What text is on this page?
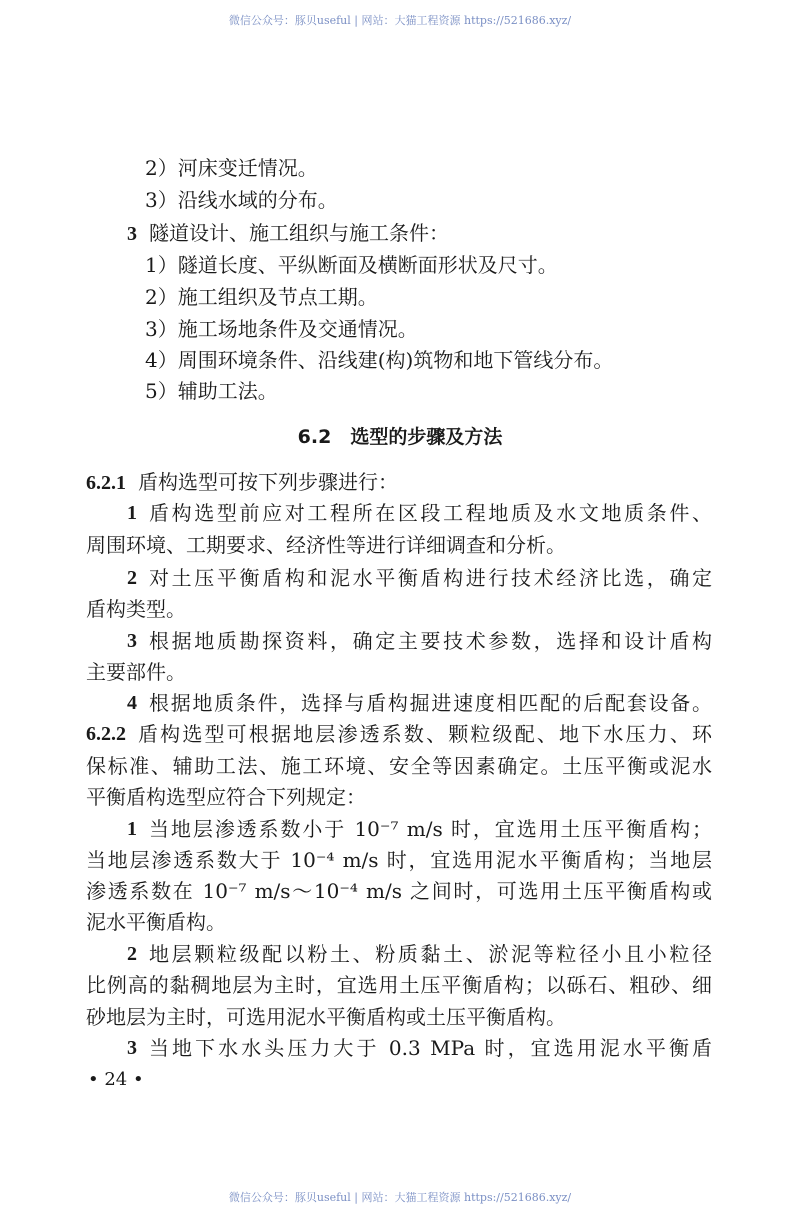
微信公众号：豚贝useful | 网站：大猫工程资源 https://521686.xyz/
2）河床变迁情况。
3）沿线水域的分布。
3 隧道设计、施工组织与施工条件：
1）隧道长度、平纵断面及横断面形状及尺寸。
2）施工组织及节点工期。
3）施工场地条件及交通情况。
4）周围环境条件、沿线建(构)筑物和地下管线分布。
5）辅助工法。
6.2　选型的步骤及方法
6.2.1 盾构选型可按下列步骤进行：
1 盾构选型前应对工程所在区段工程地质及水文地质条件、
周围环境、工期要求、经济性等进行详细调查和分析。
2 对土压平衡盾构和泥水平衡盾构进行技术经济比选，确定
盾构类型。
3 根据地质勘探资料，确定主要技术参数，选择和设计盾构
主要部件。
4 根据地质条件，选择与盾构掘进速度相匹配的后配套设备。
6.2.2 盾构选型可根据地层渗透系数、颗粒级配、地下水压力、环
保标准、辅助工法、施工环境、安全等因素确定。土压平衡或泥水
平衡盾构选型应符合下列规定：
1 当地层渗透系数小于 10⁻⁷ m/s 时，宜选用土压平衡盾构；
当地层渗透系数大于 10⁻⁴ m/s 时，宜选用泥水平衡盾构；当地层
渗透系数在 10⁻⁷ m/s～10⁻⁴ m/s 之间时，可选用土压平衡盾构或
泥水平衡盾构。
2 地层颗粒级配以粉土、粉质黏土、淤泥等粒径小且小粒径
比例高的黏稠地层为主时，宜选用土压平衡盾构；以砾石、粗砂、细
砂地层为主时，可选用泥水平衡盾构或土压平衡盾构。
3 当地下水水头压力大于 0.3 MPa 时，宜选用泥水平衡盾
• 24 •
微信公众号：豚贝useful | 网站：大猫工程资源 https://521686.xyz/
